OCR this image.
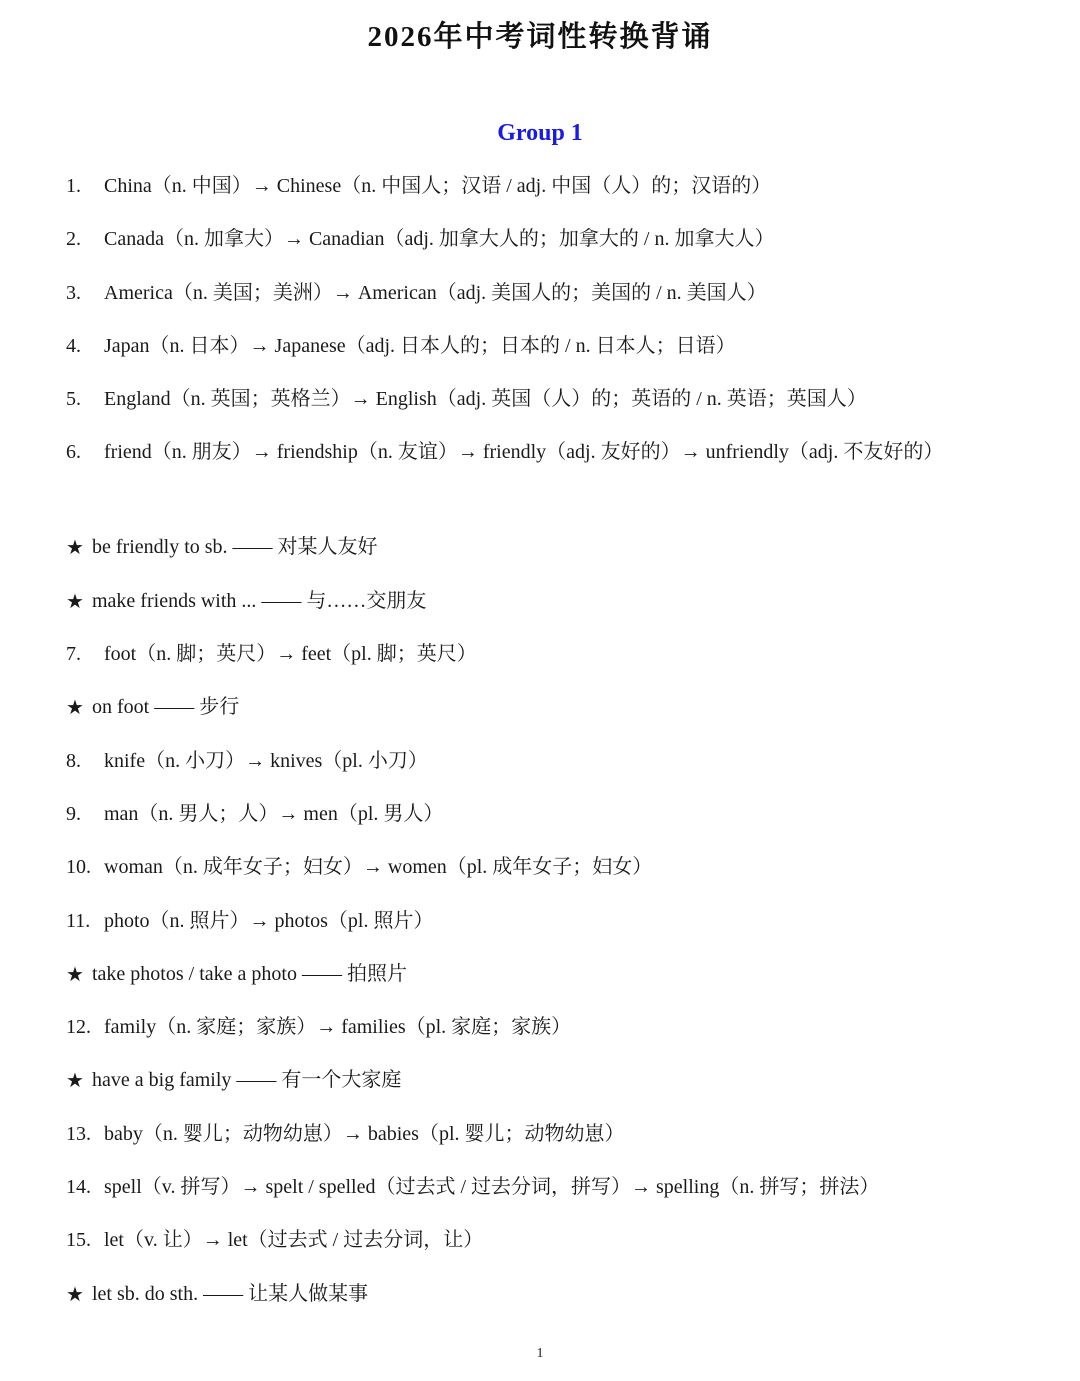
2026年中考词性转换背诵
Group 1
1.	China（n. 中国）→ Chinese（n. 中国人；汉语 / adj. 中国（人）的；汉语的）
2.	Canada（n. 加拿大）→ Canadian（adj. 加拿大人的；加拿大的 / n. 加拿大人）
3.	America（n. 美国；美洲）→ American（adj. 美国人的；美国的 / n. 美国人）
4.	Japan（n. 日本）→ Japanese（adj. 日本人的；日本的 / n. 日本人；日语）
5.	England（n. 英国；英格兰）→ English（adj. 英国（人）的；英语的 / n. 英语；英国人）
6.	friend（n. 朋友）→ friendship（n. 友谊）→ friendly（adj. 友好的）→ unfriendly（adj. 不友好的）
★ be friendly to sb. —— 对某人友好
★ make friends with ... —— 与……交朋友
7.	foot（n. 脚；英尺）→ feet（pl. 脚；英尺）
★ on foot —— 步行
8.	knife（n. 小刀）→ knives（pl. 小刀）
9.	man（n. 男人；人）→ men（pl. 男人）
10. woman（n. 成年女子；妇女）→ women（pl. 成年女子；妇女）
11. photo（n. 照片）→ photos（pl. 照片）
★ take photos / take a photo —— 拍照片
12. family（n. 家庭；家族）→ families（pl. 家庭；家族）
★ have a big family —— 有一个大家庭
13. baby（n. 婴儿；动物幼崽）→ babies（pl. 婴儿；动物幼崽）
14. spell（v. 拼写）→ spelt / spelled（过去式 / 过去分词，拼写）→ spelling（n. 拼写；拼法）
15. let（v. 让）→ let（过去式 / 过去分词，让）
★ let sb. do sth. —— 让某人做某事
1
